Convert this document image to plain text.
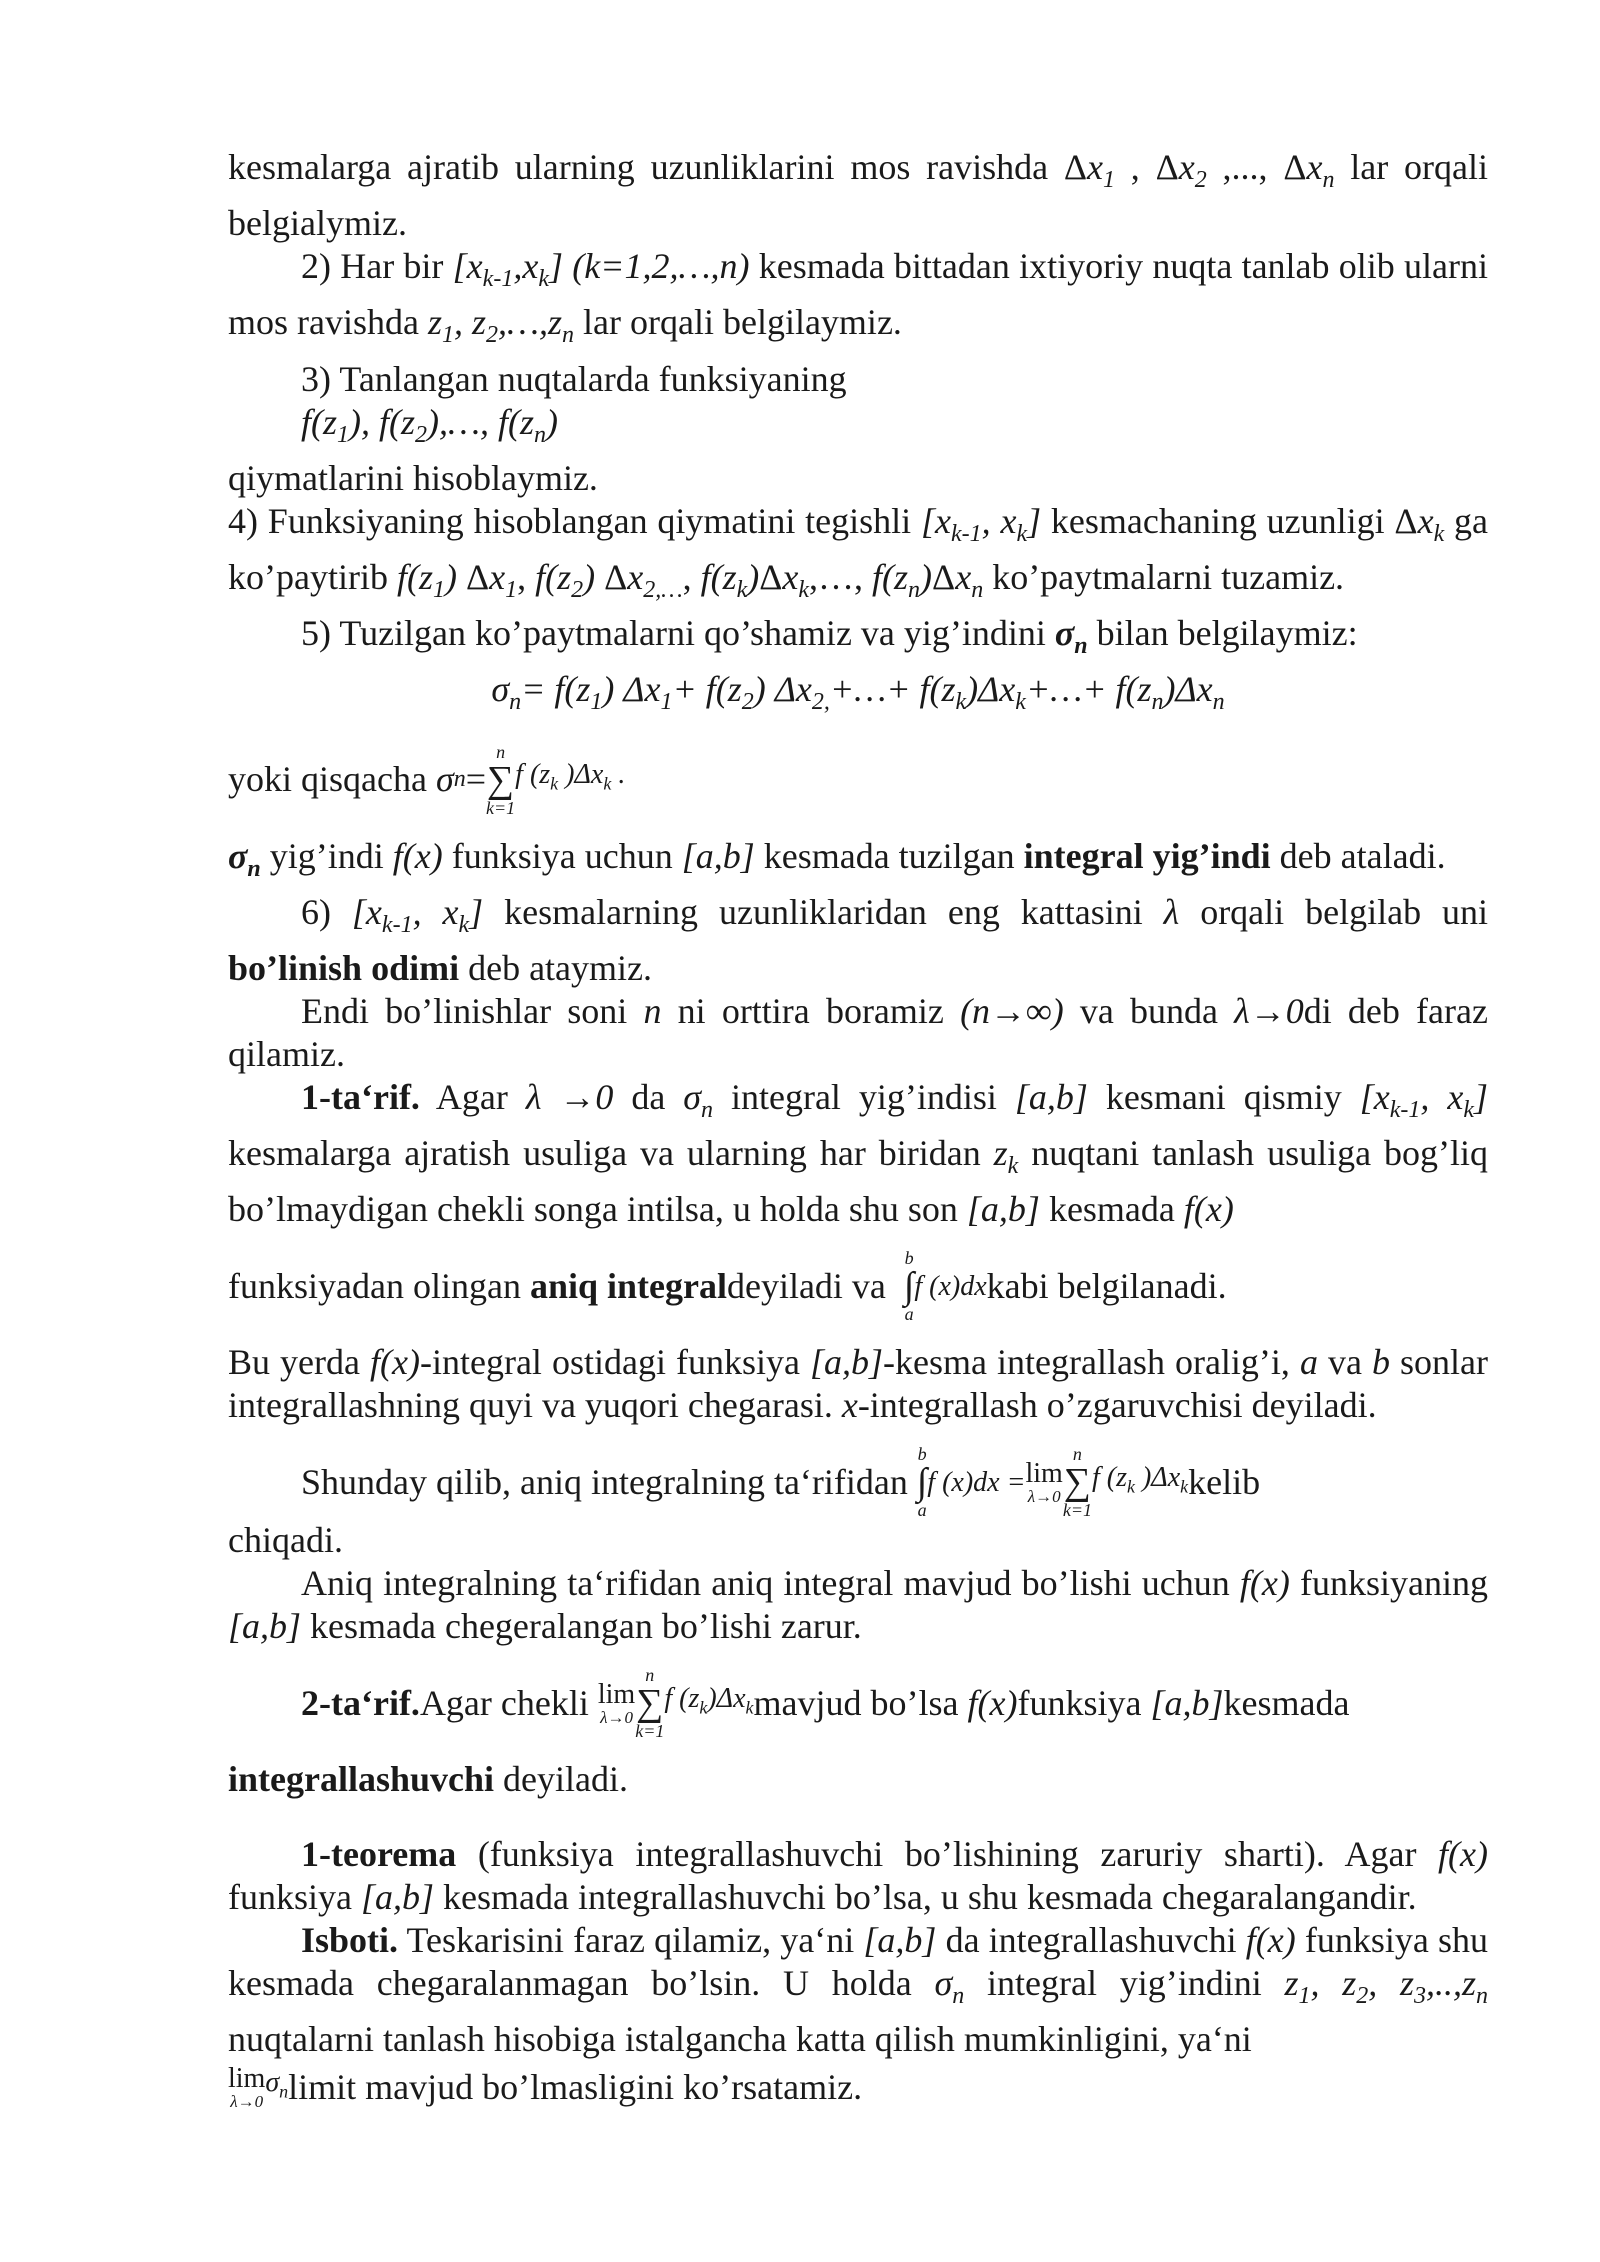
kesmalarga ajratib ularning uzunliklarini mos ravishda $\Delta x_1$ , $\Delta x_2$ ,..., $\Delta x_n$ lar orqali belgialymiz.

2) Har bir $[x_{k-1},x_k]$ (k=1,2,…,n) kesmada bittadan ixtiyoriy nuqta tanlab olib ularni mos ravishda $z_1$, $z_2,\dots,z_n$ lar orqali belgilaymiz.

3) Tanlangan nuqtalarda funksiyaning

$f(z_1)$, $f(z_2),\dots$, $f(z_n)$

qiymatlarini hisoblaymiz.

4) Funksiyaning hisoblangan qiymatini tegishli [$x_{k-1}$, $x_k$] kesmachaning uzunligi $\Delta x_k$ ga ko’paytirib $f(z_1)$ $\Delta x_1$, $f(z_2)$ $\Delta x_{2,\dots}$, $f(z_k)\Delta x_k,\dots$, $f(z_n)\Delta x_n$ ko’paytmalarni tuzamiz.

5) Tuzilgan ko’paytmalarni qo’shamiz va yig’indini $\sigma_n$ bilan belgilaymiz:

$\sigma_n= f(z_1)$ $\Delta x_1+ f(z_2)$ $\Delta x_{2,}+\dots+$ $f(z_k)\Delta x_k+\dots+ f(z_n)\Delta x_n$

yoki qisqacha
σ n =
n
∑
k=1
f ($z_k$ )$\Delta x_k$ .

$\sigma_n$ yig’indi f(x) funksiya uchun [a,b] kesmada tuzilgan integral yig’indi deb ataladi.

6) [$x_{k-1}$, $x_k$] kesmalarning uzunliklaridan eng kattasini λ orqali belgilab uni bo’linish odimi deb ataymiz.

Endi bo’linishlar soni n ni orttira boramiz (n→∞) va bunda λ→0di deb faraz qilamiz.

1-ta‘rif. Agar λ →0 da $\sigma_n$ integral yig’indisi [a,b] kesmani qismiy [$x_{k-1}$, $x_k$] kesmalarga ajratish usuliga va ularning har biridan $z_k$ nuqtani tanlash usuliga bog’liq bo’lmaydigan chekli songa intilsa, u holda shu son [a,b] kesmada f(x)

funksiyadan olingan
aniq integral deyiladi va

b
∫
a
f (x)dx kabi belgilanadi.

Bu yerda f(x)-integral ostidagi funksiya [a,b]-kesma integrallash oralig’i, a va b sonlar integrallashning quyi va yuqori chegarasi. x-integrallash o’zgaruvchisi deyiladi.

Shunday qilib, aniq integralning ta‘rifidan

b
∫
a
f (x)dx = lim
λ→0
n
∑
k=1
f ($z_k$ )$\Delta x_k$ kelib

chiqadi.

Aniq integralning ta‘rifidan aniq integral mavjud bo’lishi uchun f(x) funksiyaning [a,b] kesmada chegeralangan bo’lishi zarur.

2-ta‘rif. Agar chekli
lim
λ→0
n
∑
k=1
f $(z_k)\Delta x_k$ mavjud bo’lsa
f(x) funksiya
[a,b] kesmada

integrallashuvchi deyiladi.

1-teorema (funksiya integrallashuvchi bo’lishining zaruriy sharti). Agar f(x) funksiya [a,b] kesmada integrallashuvchi bo’lsa, u shu kesmada chegaralangandir.

Isboti. Teskarisini faraz qilamiz, ya‘ni [a,b] da integrallashuvchi f(x) funksiya shu kesmada chegaralanmagan bo’lsin. U holda $\sigma_n$ integral yig’indini $z_1$, $z_2$, $z_3,..,z_n$ nuqtalarni tanlash hisobiga istalgancha katta qilish mumkinligini, ya‘ni

lim
λ→0
$\sigma_n$ limit mavjud bo’lmasligini ko’rsatamiz.
